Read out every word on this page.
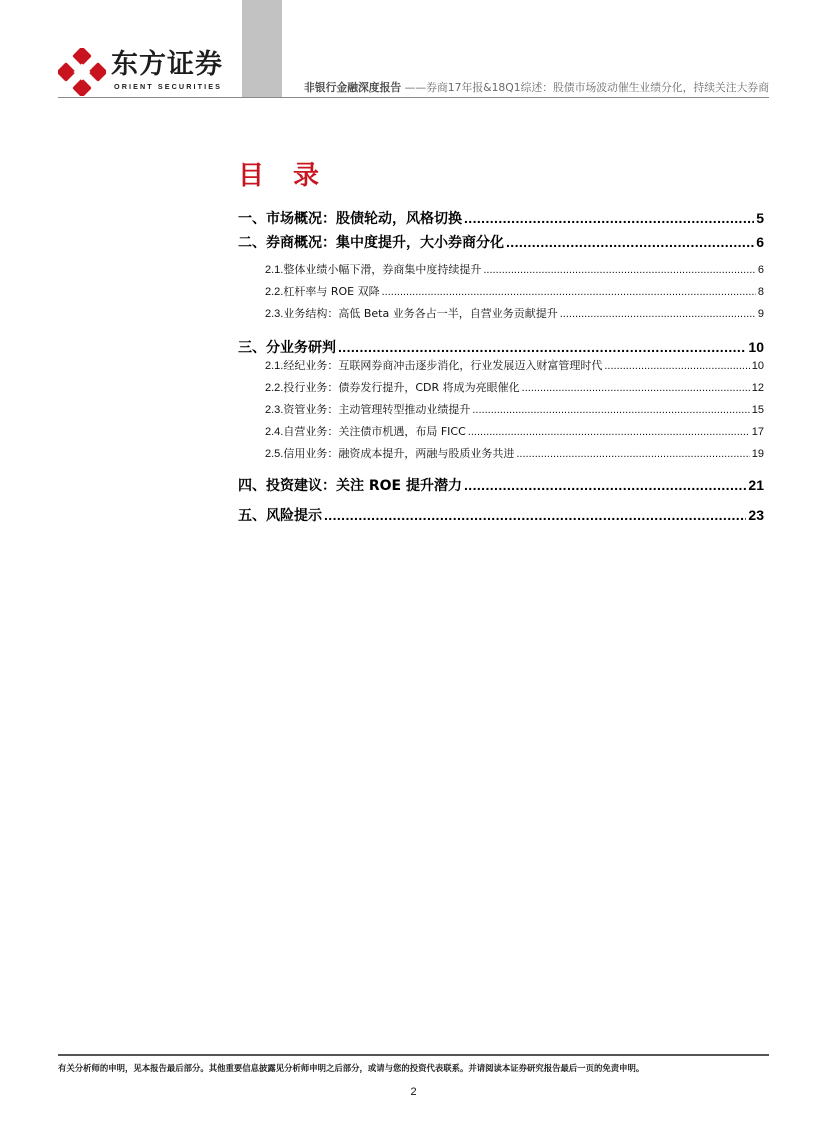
东方证券
ORIENT SECURITIES	非银行金融深度报告 ——券商17年报&18Q1综述：股债市场波动催生业绩分化，持续关注大券商
目 录
一、 市场概况：股债轮动，风格切换 .....	5
二、 券商概况：集中度提升，大小券商分化 .....	6
2.1. 整体业绩小幅下滑，券商集中度持续提升 .....	6
2.2. 杠杆率与 ROE 双降 .....	8
2.3. 业务结构：高低 Beta 业务各占一半，自营业务贡献提升 .....	9
三、 分业务研判 .....	10
2.1. 经纪业务：互联网券商冲击逐步消化，行业发展迈入财富管理时代 .....	10
2.2. 投行业务：债券发行提升，CDR 将成为亮眼催化 .....	12
2.3. 资管业务：主动管理转型推动业绩提升 .....	15
2.4. 自营业务：关注债市机遇，布局 FICC .....	17
2.5. 信用业务：融资成本提升，两融与股质业务共进 .....	19
四、 投资建议：关注 ROE 提升潜力 .....	21
五、 风险提示 .....	23
有关分析师的申明，见本报告最后部分。其他重要信息披露见分析师申明之后部分，或请与您的投资代表联系。并请阅读本证券研究报告最后一页的免责申明。
2
